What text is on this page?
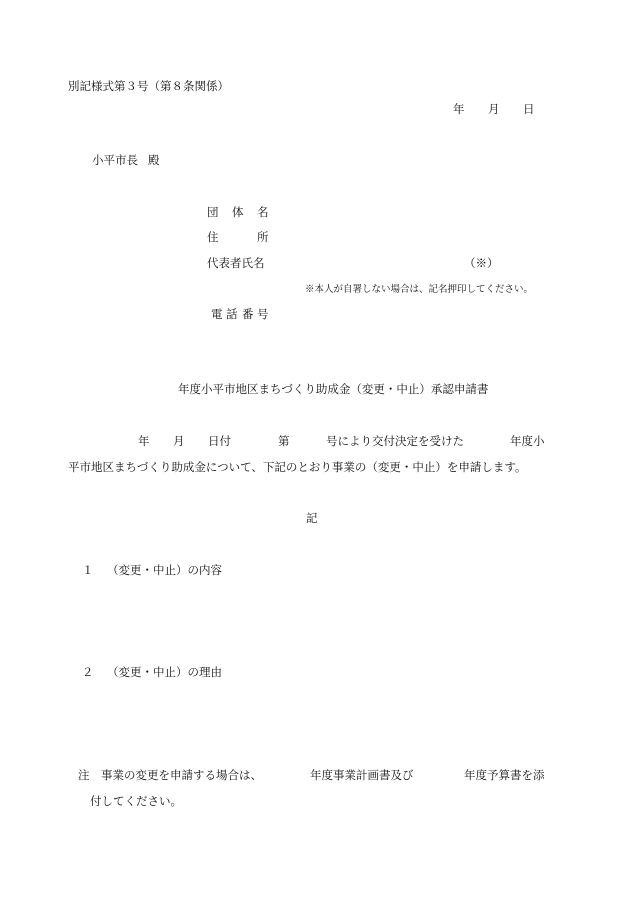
別記様式第３号（第８条関係）
年 月 日
小平市長 殿
団 体 名
住	所
代表者氏名	（※）
※本人が自署しない場合は、記名押印してください。
電 話 番 号
年度小平市地区まちづくり助成金（変更・中止）承認申請書
年 月 日付	第	号により交付決定を受けた	年度小
平市地区まちづくり助成金について、下記のとおり事業の（変更・中止）を申請します。
記
１ （変更・中止）の内容
２ （変更・中止）の理由
注 事業の変更を申請する場合は、	年度事業計画書及び	年度予算書を添
付してください。
